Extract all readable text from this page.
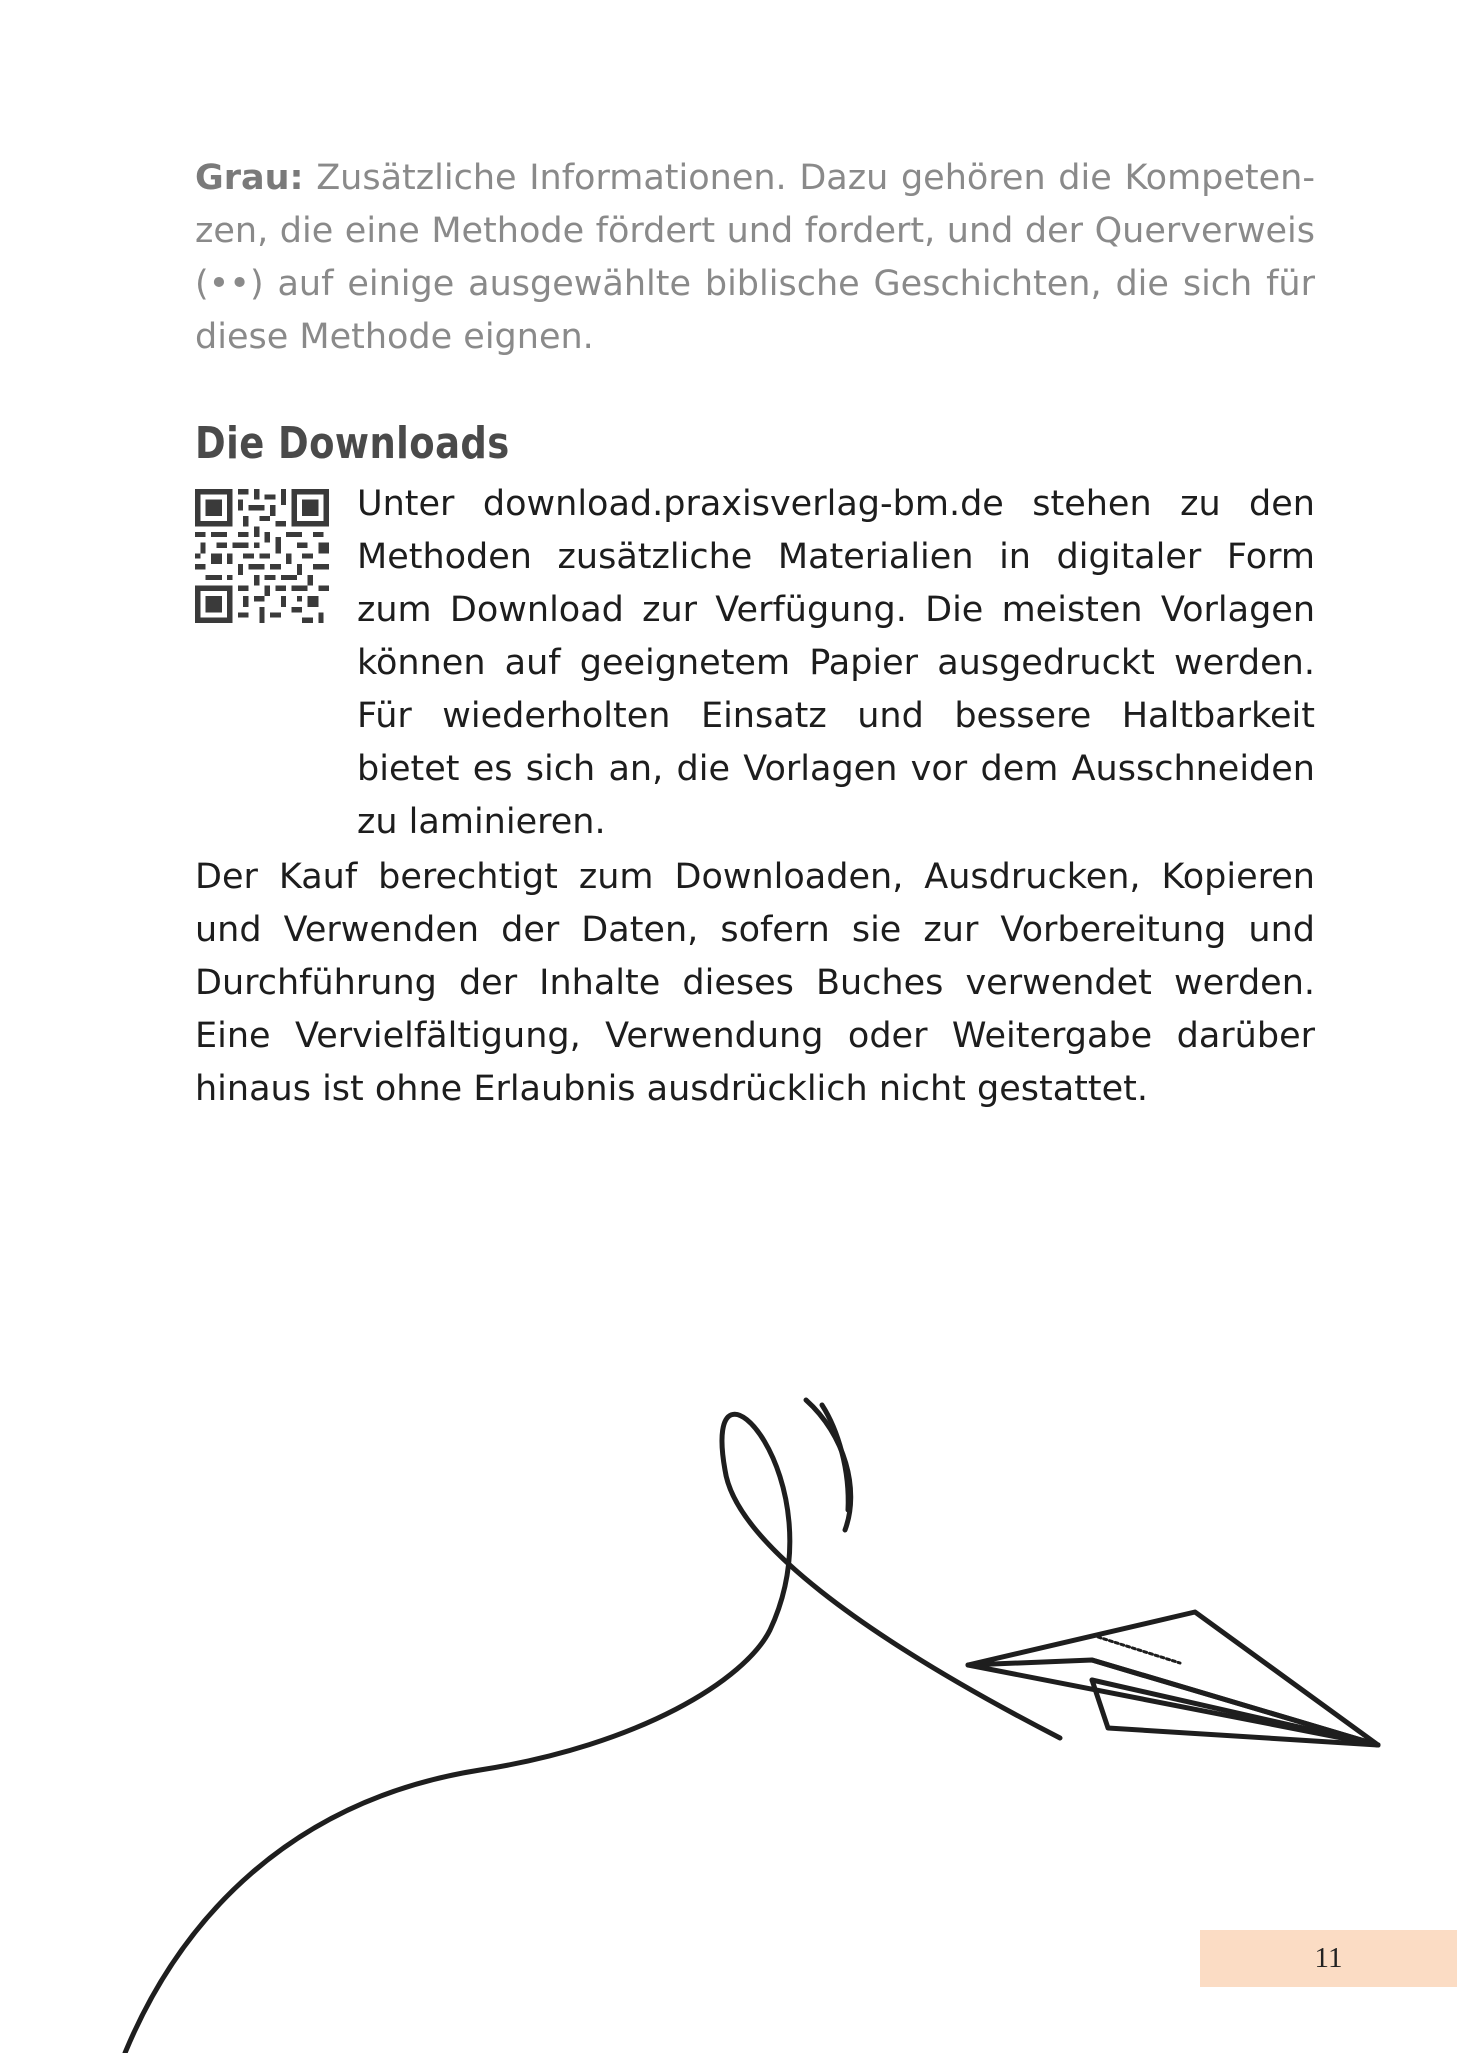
Grau: Zusätzliche Informationen. Dazu gehören die Kompetenzen, die eine Methode fördert und fordert, und der Querverweis (••) auf einige ausgewählte biblische Geschichten, die sich für diese Methode eignen.

Die Downloads

Unter download.praxisverlag-bm.de stehen zu den Methoden zusätzliche Materialien in digitaler Form zum Download zur Verfügung. Die meisten Vorlagen können auf geeignetem Papier ausgedruckt werden. Für wiederholten Einsatz und bessere Haltbarkeit bietet es sich an, die Vorlagen vor dem Ausschneiden zu laminieren.

Der Kauf berechtigt zum Downloaden, Ausdrucken, Kopieren und Verwenden der Daten, sofern sie zur Vorbereitung und Durchführung der Inhalte dieses Buches verwendet werden. Eine Vervielfältigung, Verwendung oder Weitergabe darüber hinaus ist ohne Erlaubnis ausdrücklich nicht gestattet.

11
